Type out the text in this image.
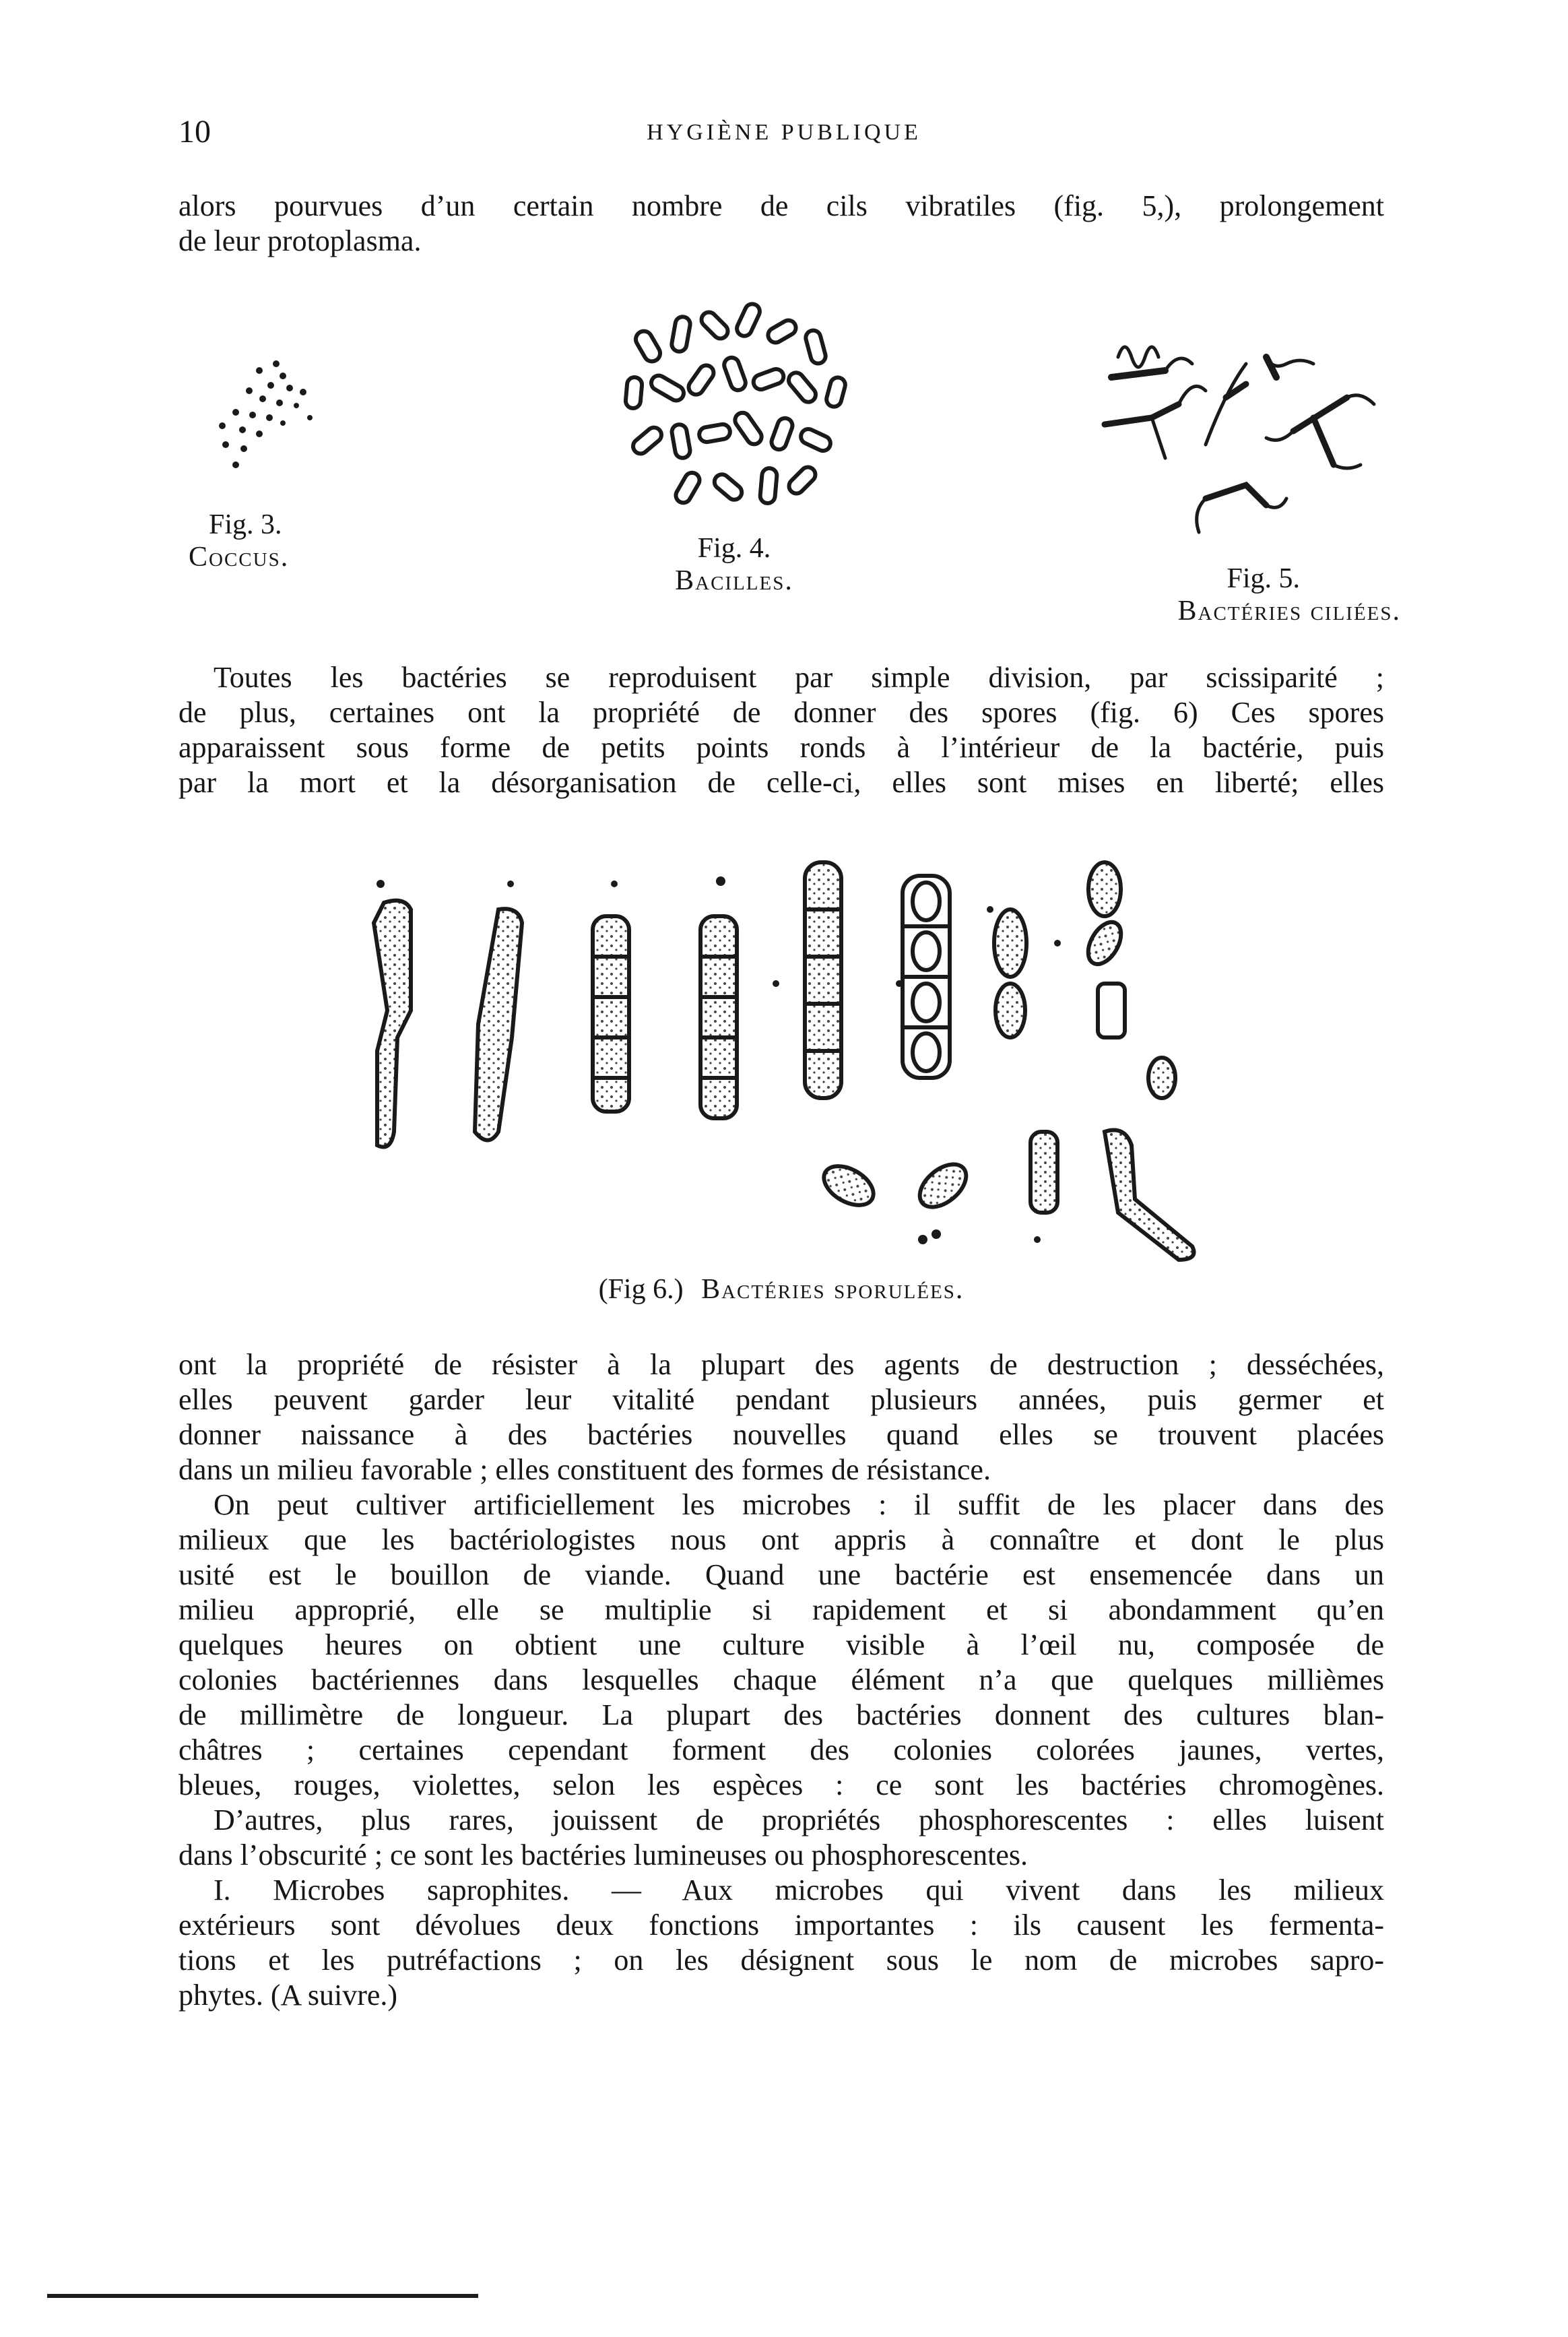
10	HYGIÈNE PUBLIQUE
alors pourvues d’un certain nombre de cils vibratiles (fig. 5,), prolongement
de leur protoplasma.
Fig. 3.
Coccus.	Fig. 4.
Bacilles.	Fig. 5.
Bactéries ciliées.
Toutes les bactéries se reproduisent par simple division, par scissiparité ;
de plus, certaines ont la propriété de donner des spores (fig. 6) Ces spores
apparaissent sous forme de petits points ronds à l’intérieur de la bactérie, puis
par la mort et la désorganisation de celle-ci, elles sont mises en liberté; elles
(Fig 6.) Bactéries sporulées.
ont la propriété de résister à la plupart des agents de destruction ; desséchées,
elles peuvent garder leur vitalité pendant plusieurs années, puis germer et
donner naissance à des bactéries nouvelles quand elles se trouvent placées
dans un milieu favorable ; elles constituent des formes de résistance.
On peut cultiver artificiellement les microbes : il suffit de les placer dans des
milieux que les bactériologistes nous ont appris à connaître et dont le plus
usité est le bouillon de viande. Quand une bactérie est ensemencée dans un
milieu approprié, elle se multiplie si rapidement et si abondamment qu’en
quelques heures on obtient une culture visible à l’œil nu, composée de
colonies bactériennes dans lesquelles chaque élément n’a que quelques millièmes
de millimètre de longueur. La plupart des bactéries donnent des cultures blan-
châtres ; certaines cependant forment des colonies colorées jaunes, vertes,
bleues, rouges, violettes, selon les espèces : ce sont les bactéries chromogènes.
D’autres, plus rares, jouissent de propriétés phosphorescentes : elles luisent
dans l’obscurité ; ce sont les bactéries lumineuses ou phosphorescentes.
I. Microbes saprophites. — Aux microbes qui vivent dans les milieux
extérieurs sont dévolues deux fonctions importantes : ils causent les fermenta-
tions et les putréfactions ; on les désignent sous le nom de microbes sapro-
phytes. (A suivre.)
